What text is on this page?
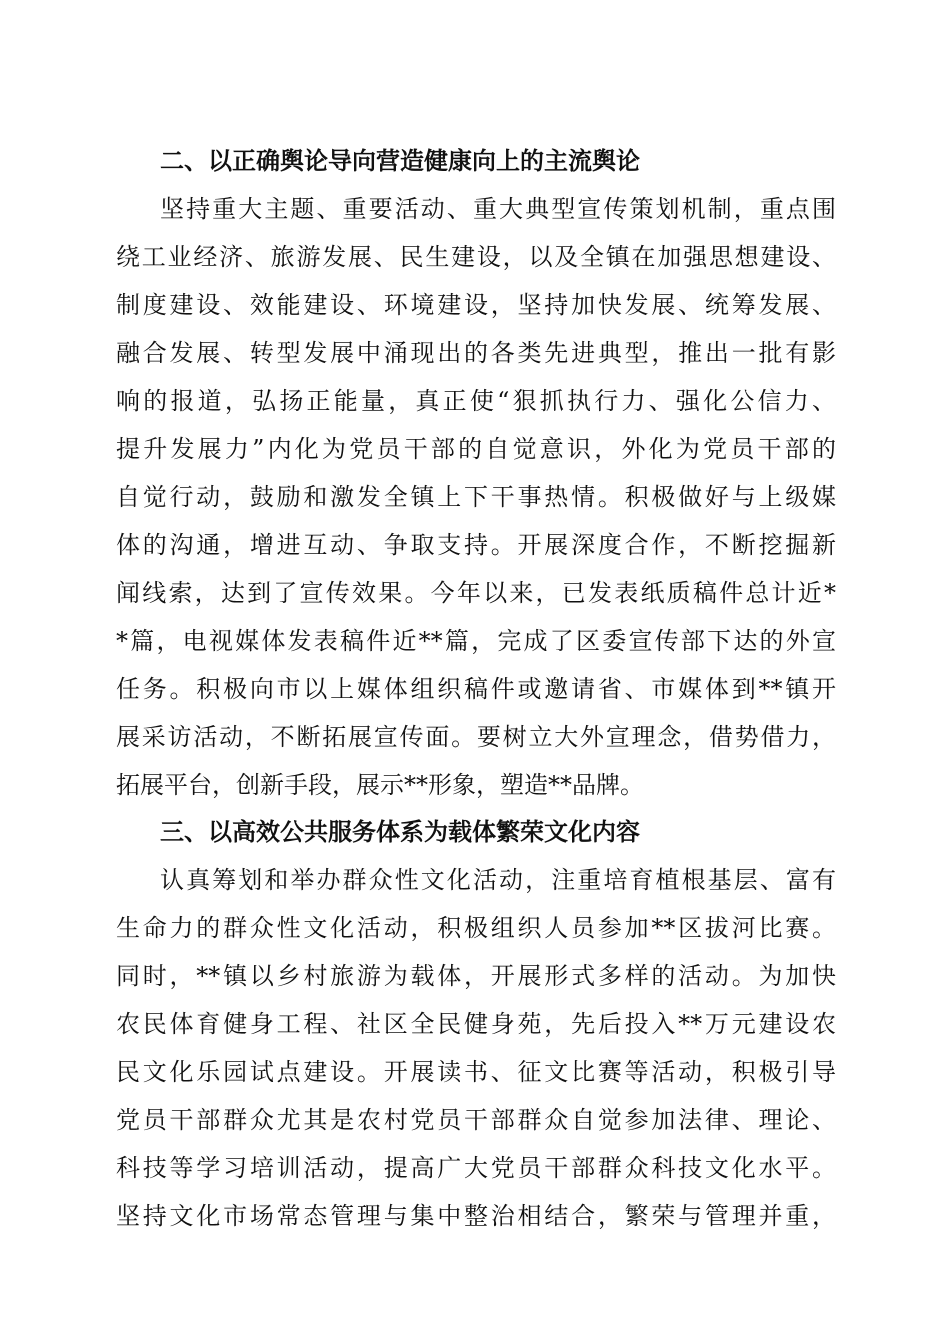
二、以正确舆论导向营造健康向上的主流舆论
坚持重大主题、重要活动、重大典型宣传策划机制，重点围
绕工业经济、旅游发展、民生建设，以及全镇在加强思想建设、
制度建设、效能建设、环境建设，坚持加快发展、统筹发展、
融合发展、转型发展中涌现出的各类先进典型，推出一批有影
响的报道，弘扬正能量，真正使“狠抓执行力、强化公信力、
提升发展力”内化为党员干部的自觉意识，外化为党员干部的
自觉行动，鼓励和激发全镇上下干事热情。积极做好与上级媒
体的沟通，增进互动、争取支持。开展深度合作，不断挖掘新
闻线索，达到了宣传效果。今年以来，已发表纸质稿件总计近*
*篇，电视媒体发表稿件近**篇，完成了区委宣传部下达的外宣
任务。积极向市以上媒体组织稿件或邀请省、市媒体到**镇开
展采访活动，不断拓展宣传面。要树立大外宣理念，借势借力，
拓展平台，创新手段，展示**形象，塑造**品牌。
三、以高效公共服务体系为载体繁荣文化内容
认真筹划和举办群众性文化活动，注重培育植根基层、富有
生命力的群众性文化活动，积极组织人员参加**区拔河比赛。
同时，**镇以乡村旅游为载体，开展形式多样的活动。为加快
农民体育健身工程、社区全民健身苑，先后投入**万元建设农
民文化乐园试点建设。开展读书、征文比赛等活动，积极引导
党员干部群众尤其是农村党员干部群众自觉参加法律、理论、
科技等学习培训活动，提高广大党员干部群众科技文化水平。
坚持文化市场常态管理与集中整治相结合，繁荣与管理并重，
